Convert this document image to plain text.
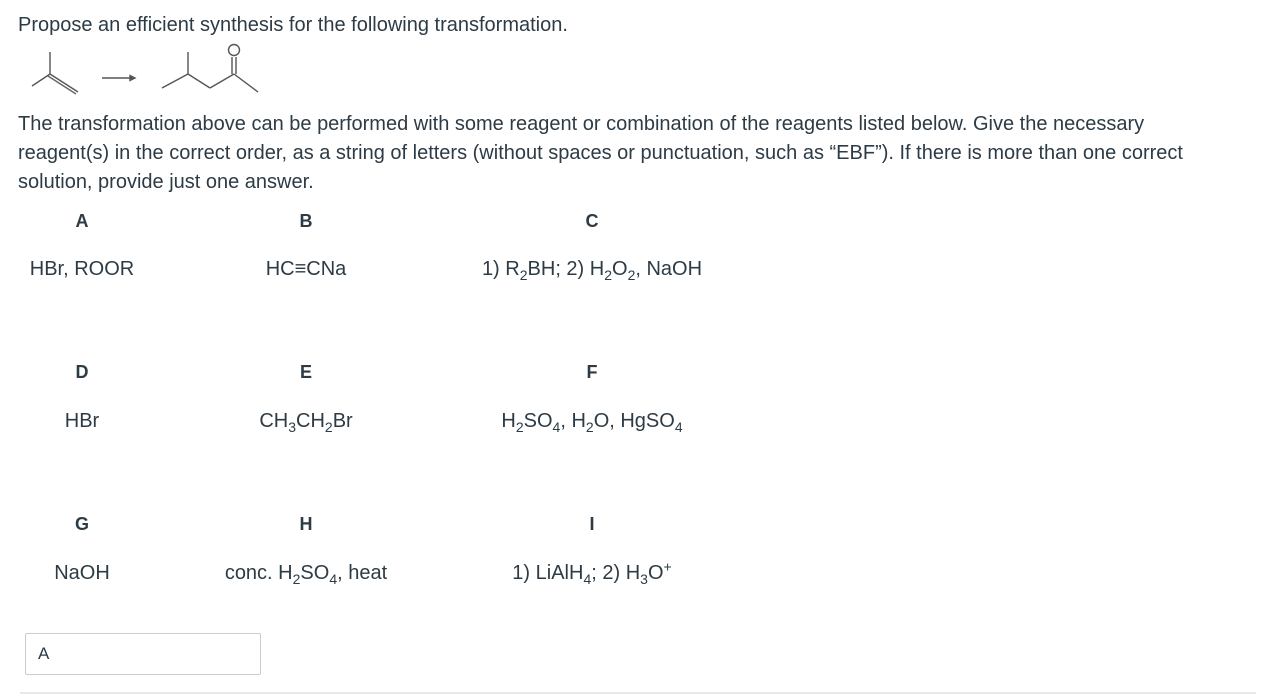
Propose an efficient synthesis for the following transformation.
The transformation above can be performed with some reagent or combination of the reagents listed below. Give the necessary
reagent(s) in the correct order, as a string of letters (without spaces or punctuation, such as “EBF”). If there is more than one correct
solution, provide just one answer.
A
HBr, ROOR
B
HC≡CNa
C
1) $R_2BH$; 2) $H_2O_2$, NaOH
D
HBr
E
$CH_3CH_2Br$
F
$H_2SO_4$, $H_2O$, HgSO$_4$
G
NaOH
H
conc. $H_2SO_4$, heat
I
1) LiAlH$_4$; 2) $H_3O^+$
A
